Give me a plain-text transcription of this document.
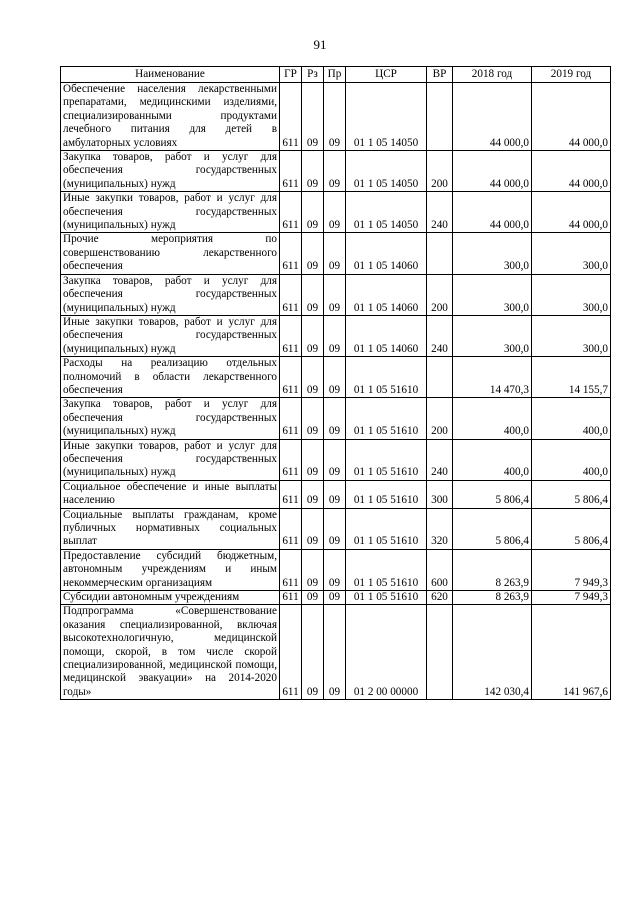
91
Наименование	ГР	Рз	Пр	ЦСР	ВР	2018 год	2019 год
Обеспечение населения лекарственными препаратами, медицинскими изделиями, специализированными продуктами лечебного питания для детей в амбулаторных условиях	611	09	09	01 1 05 14050		44 000,0	44 000,0
Закупка товаров, работ и услуг для обеспечения государственных (муниципальных) нужд	611	09	09	01 1 05 14050	200	44 000,0	44 000,0
Иные закупки товаров, работ и услуг для обеспечения государственных (муниципальных) нужд	611	09	09	01 1 05 14050	240	44 000,0	44 000,0
Прочие мероприятия по совершенствованию лекарственного обеспечения	611	09	09	01 1 05 14060		300,0	300,0
Закупка товаров, работ и услуг для обеспечения государственных (муниципальных) нужд	611	09	09	01 1 05 14060	200	300,0	300,0
Иные закупки товаров, работ и услуг для обеспечения государственных (муниципальных) нужд	611	09	09	01 1 05 14060	240	300,0	300,0
Расходы на реализацию отдельных полномочий в области лекарственного обеспечения	611	09	09	01 1 05 51610		14 470,3	14 155,7
Закупка товаров, работ и услуг для обеспечения государственных (муниципальных) нужд	611	09	09	01 1 05 51610	200	400,0	400,0
Иные закупки товаров, работ и услуг для обеспечения государственных (муниципальных) нужд	611	09	09	01 1 05 51610	240	400,0	400,0
Социальное обеспечение и иные выплаты населению	611	09	09	01 1 05 51610	300	5 806,4	5 806,4
Социальные выплаты гражданам, кроме публичных нормативных социальных выплат	611	09	09	01 1 05 51610	320	5 806,4	5 806,4
Предоставление субсидий бюджетным, автономным учреждениям и иным некоммерческим организациям	611	09	09	01 1 05 51610	600	8 263,9	7 949,3
Субсидии автономным учреждениям	611	09	09	01 1 05 51610	620	8 263,9	7 949,3
Подпрограмма «Совершенствование оказания специализированной, включая высокотехнологичную, медицинской помощи, скорой, в том числе скорой специализированной, медицинской помощи, медицинской эвакуации» на 2014-2020 годы»	611	09	09	01 2 00 00000		142 030,4	141 967,6
